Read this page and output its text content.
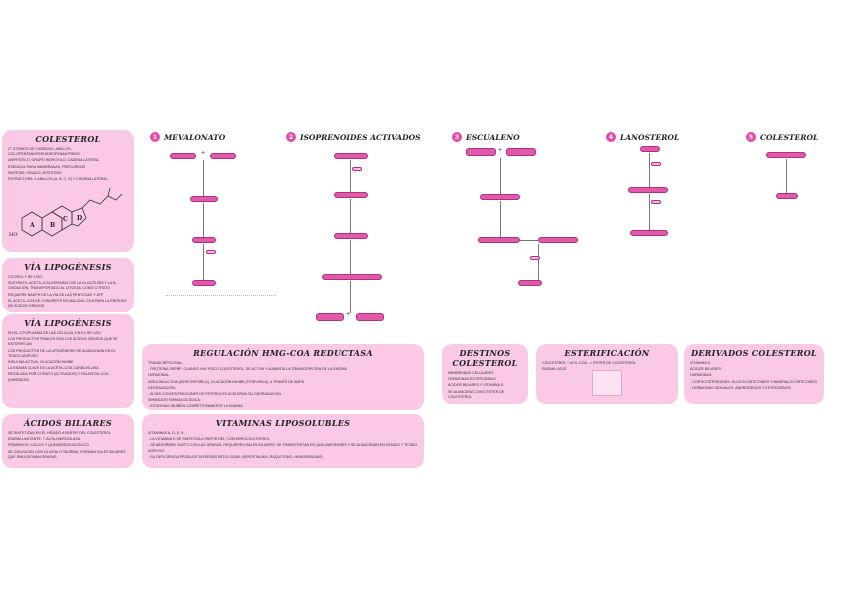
COLESTEROL

27 ÁTOMOS DE CARBONO, ANILLOS, CICLOPENTANOPERHIDROFENANTRENO

ANFIPÁTICO, GRUPO HIDROXILO, CADENA LATERAL

ESENCIAL PARA MEMBRANAS, PRECURSOR

SINTESIS: HÍGADO, INTESTINO

ESTRUCTURA: 4 ANILLOS (A, B, C, D) Y CADENA LATERAL

A	B
C D
HO
VÍA LIPOGÉNESIS

CITOSOL Y RE LISO

SUSTRATO: ACETIL-COA DERIVADO DE LA GLUCÓLISIS Y LA B-OXIDACIÓN, TRANSPORTADO AL CITOSOL COMO CITRATO

REQUIERE NADPH DE LA VÍA DE LAS PENTOSAS Y ATP

EL ACETIL-COA SE CONVIERTE EN MALONIL-COA PARA LA SÍNTESIS DE ÁCIDOS GRASOS

VÍA LIPOGÉNESIS

EN EL CITOPLASMA DE LAS CÉLULAS, EN EL RE LISO

LOS PRODUCTOS FINALES SON LOS ÁCIDOS GRASOS QUE SE ESTERIFICAN

LOS PRODUCTOS DE LA LIPOGÉNESIS SE ALMACENAN EN EL TEJIDO ADIPOSO

INSULINA ACTIVA, GLUCAGÓN INHIBE

LA ENZIMA CLAVE ES LA ACETIL-COA CARBOXILASA

REGULADA POR CITRATO (ACTIVADOR) Y PALMITOIL-COA (INHIBIDOR)

ÁCIDOS BILIARES

SE SINTETIZAN EN EL HÍGADO A PARTIR DEL COLESTEROL

ENZIMA LIMITANTE: 7-ALFA-HIDROXILASA

PRIMARIOS: CÓLICO Y QUENODESOXICÓLICO

SE CONJUGAN CON GLICINA O TAURINA, FORMAN SALES BILIARES QUE EMULSIONAN GRASAS

1 MEVALONATO	2 ISOPRENOIDES ACTIVADOS	3 ESCUALENO	4 LANOSTEROL	5 COLESTEROL
+
+
+
REGULACIÓN HMG-COA REDUCTASA

TRANSCRIPCIONAL:

- PROTEÍNA SREBP: CUANDO HAY POCO COLESTEROL, SE ACTIVA Y AUMENTA LA TRANSCRIPCIÓN DE LA ENZIMA

HORMONAL:

INSULINA ACTIVA (DESFOSFORILA), GLUCAGÓN INHIBE (FOSFORILA), A TRAVÉS DE AMPK

DEGRADACIÓN:

- ALTAS CONCENTRACIONES DE ESTEROLES ACELERAN SU DEGRADACIÓN

INHIBICIÓN FARMACOLÓGICA:

- ESTATINAS INHIBEN COMPETITIVAMENTE LA ENZIMA

VITAMINAS LIPOSOLUBLES

VITAMINAS A, D, E, K

- LA VITAMINA D SE SINTETIZA A PARTIR DEL 7-DEHIDROCOLESTEROL

- SE ABSORBEN JUNTO CON LAS GRASAS, REQUIEREN SALES BILIARES; SE TRANSPORTAN EN QUILOMICRONES Y SE ALMACENAN EN HÍGADO Y TEJIDO ADIPOSO

- SU DEFICIENCIA PRODUCE DIVERSAS PATOLOGÍAS (XEROFTALMIA, RAQUITISMO, HEMORRAGIAS)

DESTINOS COLESTEROL

MEMBRANAS CELULARES

HORMONAS ESTEROIDEAS

ÁCIDOS BILIARES Y VITAMINA D

SE ALMACENA COMO ÉSTER DE COLESTEROL

ESTERIFICACIÓN

COLESTEROL + ACIL-COA --> ÉSTER DE COLESTEROL

ENZIMA: ACAT

DERIVADOS COLESTEROL

VITAMINA D

ÁCIDOS BILIARES

HORMONAS:

- CORTICOSTEROIDES: GLUCOCORTICOIDES Y MINERALOCORTICOIDES

- HORMONAS SEXUALES: ANDRÓGENOS Y ESTRÓGENOS
